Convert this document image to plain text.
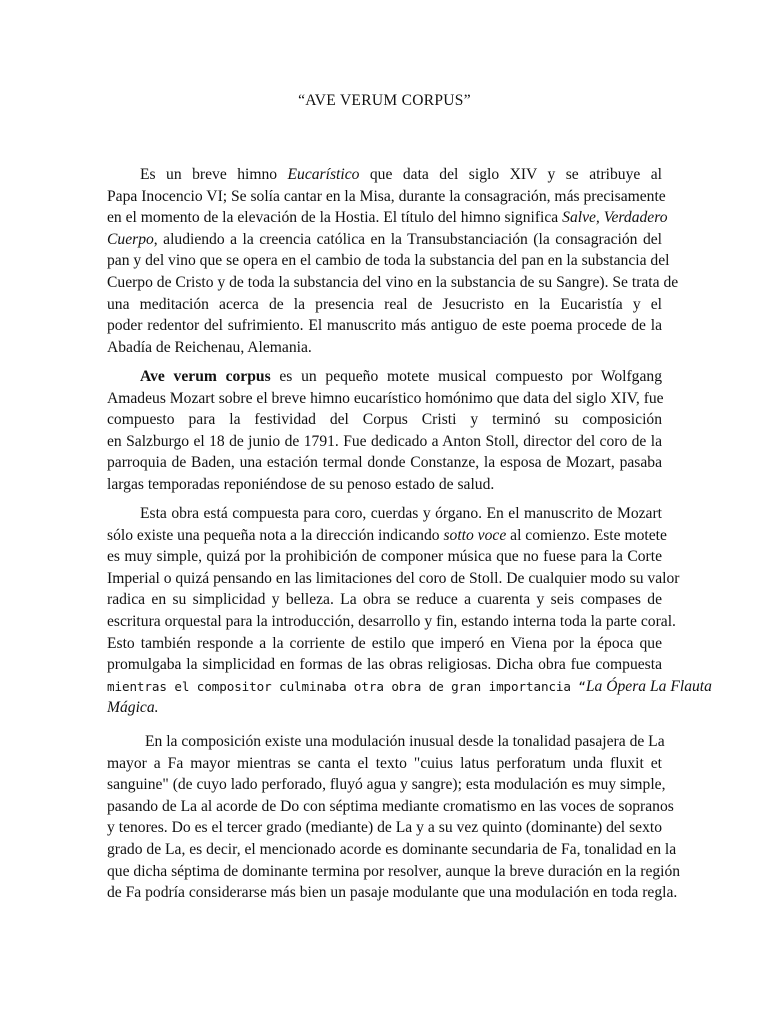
“AVE VERUM CORPUS”
Es un breve himno Eucarístico que data del siglo XIV y se atribuye al
Papa Inocencio VI; Se solía cantar en la Misa, durante la consagración, más precisamente
en el momento de la elevación de la Hostia. El título del himno significa Salve, Verdadero
Cuerpo, aludiendo a la creencia católica en la Transubstanciación (la consagración del
pan y del vino que se opera en el cambio de toda la substancia del pan en la substancia del
Cuerpo de Cristo y de toda la substancia del vino en la substancia de su Sangre). Se trata de
una meditación acerca de la presencia real de Jesucristo en la Eucaristía y el
poder redentor del sufrimiento. El manuscrito más antiguo de este poema procede de la
Abadía de Reichenau, Alemania.
Ave verum corpus es un pequeño motete musical compuesto por Wolfgang
Amadeus Mozart sobre el breve himno eucarístico homónimo que data del siglo XIV, fue
compuesto para la festividad del Corpus Cristi y terminó su composición
en Salzburgo el 18 de junio de 1791. Fue dedicado a Anton Stoll, director del coro de la
parroquia de Baden, una estación termal donde Constanze, la esposa de Mozart, pasaba
largas temporadas reponiéndose de su penoso estado de salud.
Esta obra está compuesta para coro, cuerdas y órgano. En el manuscrito de Mozart
sólo existe una pequeña nota a la dirección indicando sotto voce al comienzo. Este motete
es muy simple, quizá por la prohibición de componer música que no fuese para la Corte
Imperial o quizá pensando en las limitaciones del coro de Stoll. De cualquier modo su valor
radica en su simplicidad y belleza. La obra se reduce a cuarenta y seis compases de
escritura orquestal para la introducción, desarrollo y fin, estando interna toda la parte coral.
Esto también responde a la corriente de estilo que imperó en Viena por la época que
promulgaba la simplicidad en formas de las obras religiosas. Dicha obra fue compuesta
mientras el compositor culminaba otra obra de gran importancia “La Ópera La Flauta
Mágica.
En la composición existe una modulación inusual desde la tonalidad pasajera de La
mayor a Fa mayor mientras se canta el texto "cuius latus perforatum unda fluxit et
sanguine" (de cuyo lado perforado, fluyó agua y sangre); esta modulación es muy simple,
pasando de La al acorde de Do con séptima mediante cromatismo en las voces de sopranos
y tenores. Do es el tercer grado (mediante) de La y a su vez quinto (dominante) del sexto
grado de La, es decir, el mencionado acorde es dominante secundaria de Fa, tonalidad en la
que dicha séptima de dominante termina por resolver, aunque la breve duración en la región
de Fa podría considerarse más bien un pasaje modulante que una modulación en toda regla.
